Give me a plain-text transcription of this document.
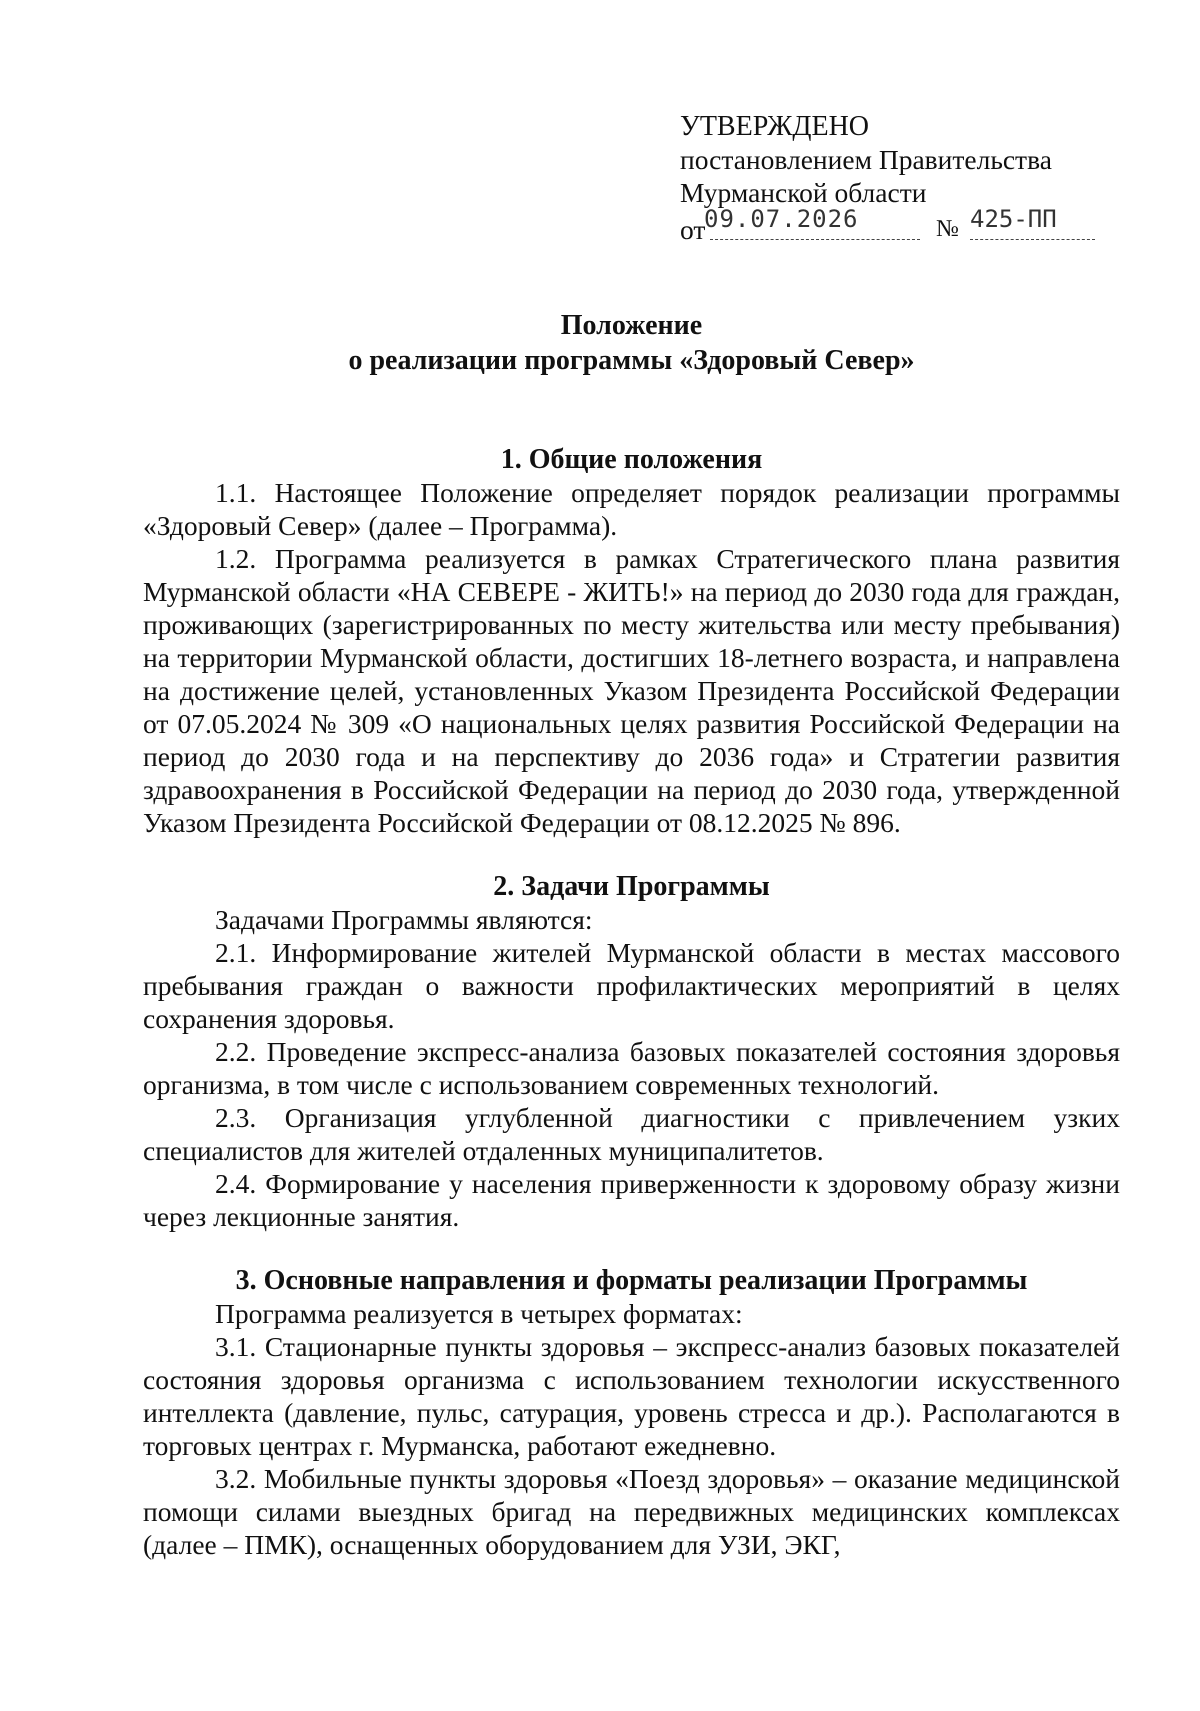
УТВЕРЖДЕНО
постановлением Правительства
Мурманской области
от
09.07.2026	№ 425-ПП
Положение
о реализации программы «Здоровый Север»
1. Общие положения

1.1. Настоящее Положение определяет порядок реализации программы «Здоровый Север» (далее – Программа).

1.2. Программа реализуется в рамках Стратегического плана развития Мурманской области «НА СЕВЕРЕ - ЖИТЬ!» на период до 2030 года для граждан, проживающих (зарегистрированных по месту жительства или месту пребывания) на территории Мурманской области, достигших 18-летнего возраста, и направлена на достижение целей, установленных Указом Президента Российской Федерации от 07.05.2024 № 309 «О национальных целях развития Российской Федерации на период до 2030 года и на перспективу до 2036 года» и Стратегии развития здравоохранения в Российской Федерации на период до 2030 года, утвержденной Указом Президента Российской Федерации от 08.12.2025 № 896.

2. Задачи Программы

Задачами Программы являются:

2.1. Информирование жителей Мурманской области в местах массового пребывания граждан о важности профилактических мероприятий в целях сохранения здоровья.

2.2. Проведение экспресс-анализа базовых показателей состояния здоровья организма, в том числе с использованием современных технологий.

2.3. Организация углубленной диагностики с привлечением узких специалистов для жителей отдаленных муниципалитетов.

2.4. Формирование у населения приверженности к здоровому образу жизни через лекционные занятия.

3. Основные направления и форматы реализации Программы

Программа реализуется в четырех форматах:

3.1. Стационарные пункты здоровья – экспресс-анализ базовых показателей состояния здоровья организма с использованием технологии искусственного интеллекта (давление, пульс, сатурация, уровень стресса и др.). Располагаются в торговых центрах г. Мурманска, работают ежедневно.

3.2. Мобильные пункты здоровья «Поезд здоровья» – оказание медицинской помощи силами выездных бригад на передвижных медицинских комплексах (далее – ПМК), оснащенных оборудованием для УЗИ, ЭКГ,
